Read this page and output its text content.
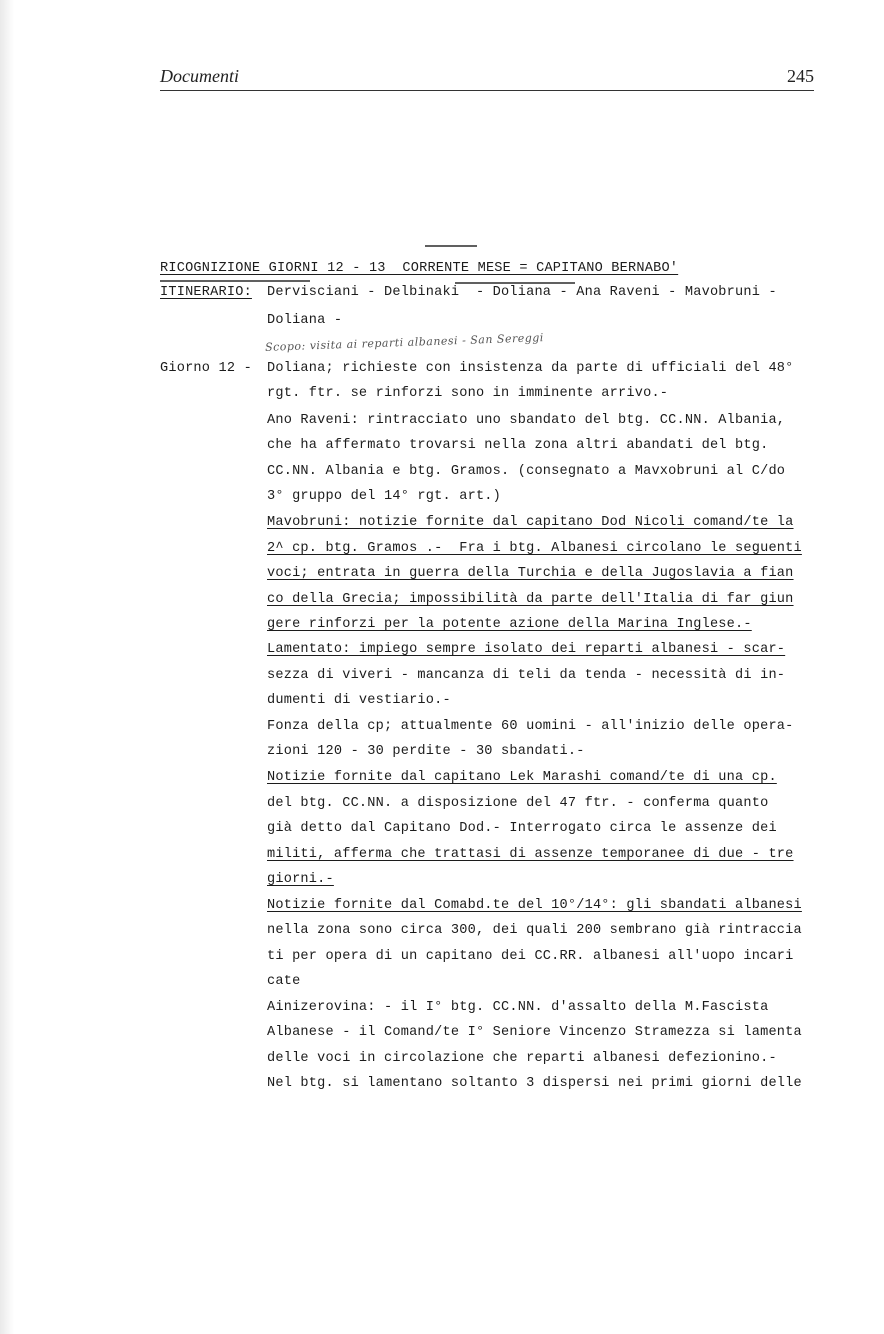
Documenti	245
RICOGNIZIONE GIORNI 12 - 13  CORRENTE MESE = CAPITANO BERNABO'
ITINERARIO: Dervisciani - Delbinaki  - Doliana - Ana Raveni - Mavobruni -
Doliana -
Scopo: visita ai reparti albanesi - San Sereggi
Giorno 12 - Doliana; richieste con insistenza da parte di ufficiali del 48°
rgt. ftr. se rinforzi sono in imminente arrivo.-
Ano Raveni: rintracciato uno sbandato del btg. CC.NN. Albania,
che ha affermato trovarsi nella zona altri abandati del btg.
CC.NN. Albania e btg. Gramos. (consegnato a Mavxobruni al C/do
3° gruppo del 14° rgt. art.)
Mavobruni: notizie fornite dal capitano Dod Nicoli comand/te la
2^ cp. btg. Gramos .-  Fra i btg. Albanesi circolano le seguenti
voci; entrata in guerra della Turchia e della Jugoslavia a fian
co della Grecia; impossibilità da parte dell'Italia di far giun
gere rinforzi per la potente azione della Marina Inglese.-
Lamentato: impiego sempre isolato dei reparti albanesi - scar-
sezza di viveri - mancanza di teli da tenda - necessità di in-
dumenti di vestiario.-
Fonza della cp; attualmente 60 uomini - all'inizio delle opera-
zioni 120 - 30 perdite - 30 sbandati.-
Notizie fornite dal capitano Lek Marashi comand/te di una cp.
del btg. CC.NN. a disposizione del 47 ftr. - conferma quanto
già detto dal Capitano Dod.- Interrogato circa le assenze dei
militi, afferma che trattasi di assenze temporanee di due - tre
giorni.-
Notizie fornite dal Comabd.te del 10°/14°: gli sbandati albanesi
nella zona sono circa 300, dei quali 200 sembrano già rintraccia
ti per opera di un capitano dei CC.RR. albanesi all'uopo incari
cate
Ainizerovina: - il I° btg. CC.NN. d'assalto della M.Fascista
Albanese - il Comand/te I° Seniore Vincenzo Stramezza si lamenta
delle voci in circolazione che reparti albanesi defezionino.-
Nel btg. si lamentano soltanto 3 dispersi nei primi giorni delle
